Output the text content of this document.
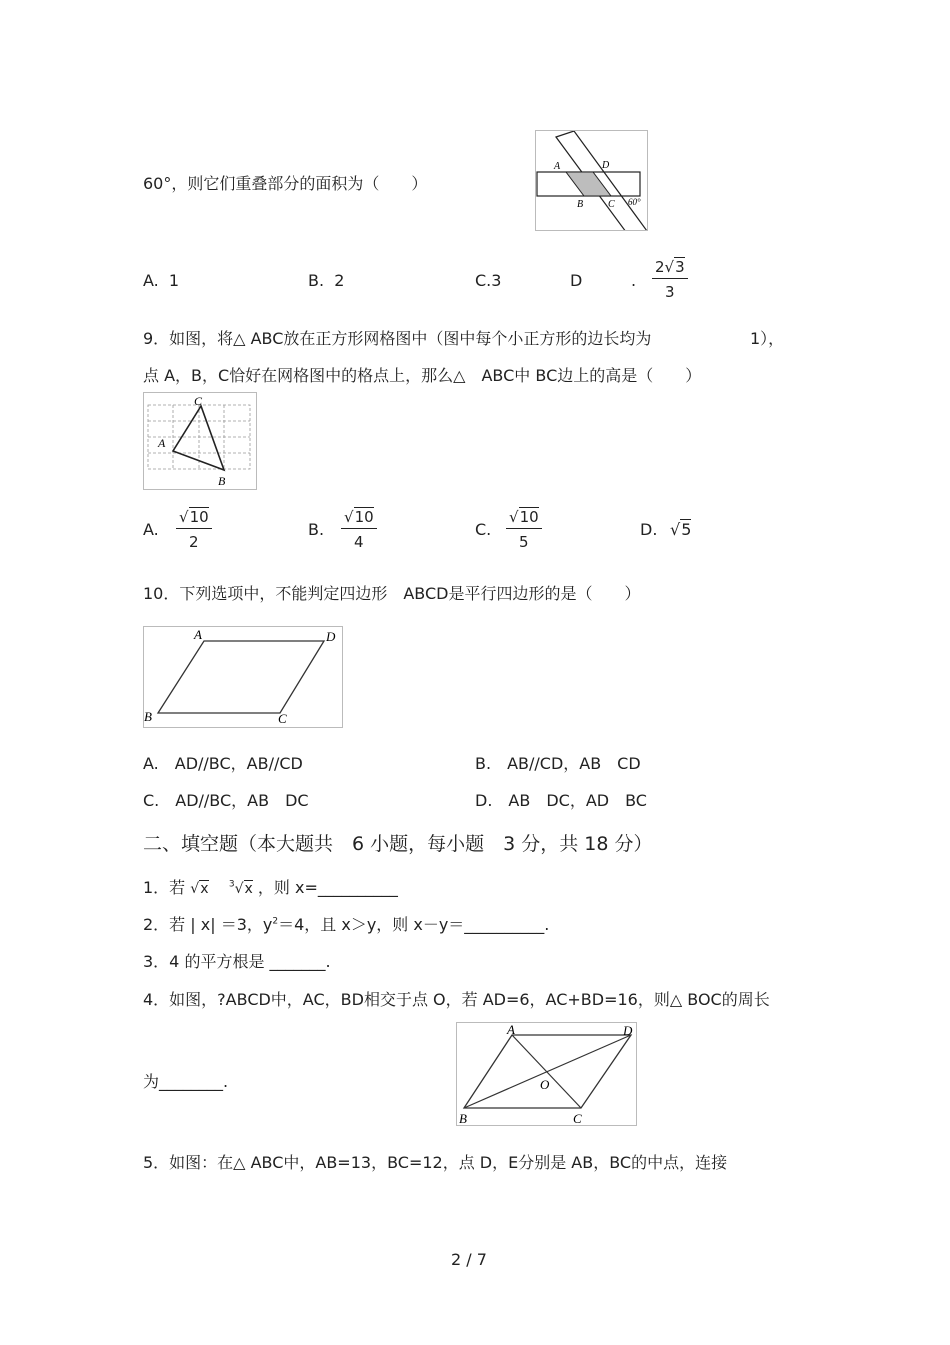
60°，则它们重叠部分的面积为（　　）
A	D
B C 60°
A. 1	B. 2	C.3	D	. $\frac{2√3}{3}$
9．如图，将△ ABC放在正方形网格图中（图中每个小正方形的边长均为	1），
点 A，B，C恰好在网格图中的格点上，那么△　ABC中 BC边上的高是（　　）
C
A
B
A. $\frac{√10}{2}$	B. $\frac{√10}{4}$	C. $\frac{√10}{5}$	D. √5
10．下列选项中，不能判定四边形　ABCD是平行四边形的是（　　）
A	D
B	C
A.　AD//BC，AB//CD	B.　AB//CD，AB　CD
C.　AD//BC，AB　DC	D.　AB　DC，AD　BC
二、填空题（本大题共　6 小题，每小题　3 分，共 18 分）
1．若 √x $^3$√x ，则 x=__________
2．若 | x| ＝3，$y^2=4$，且 x＞y，则 x－y＝__________.
3．4 的平方根是 _______.
4．如图，?ABCD中，AC，BD相交于点 O，若 AD=6，AC+BD=16，则△ BOC的周长
为________.
A	D
B	C
O
5．如图：在△ ABC中，AB=13，BC=12，点 D，E分别是 AB，BC的中点，连接
2 / 7
